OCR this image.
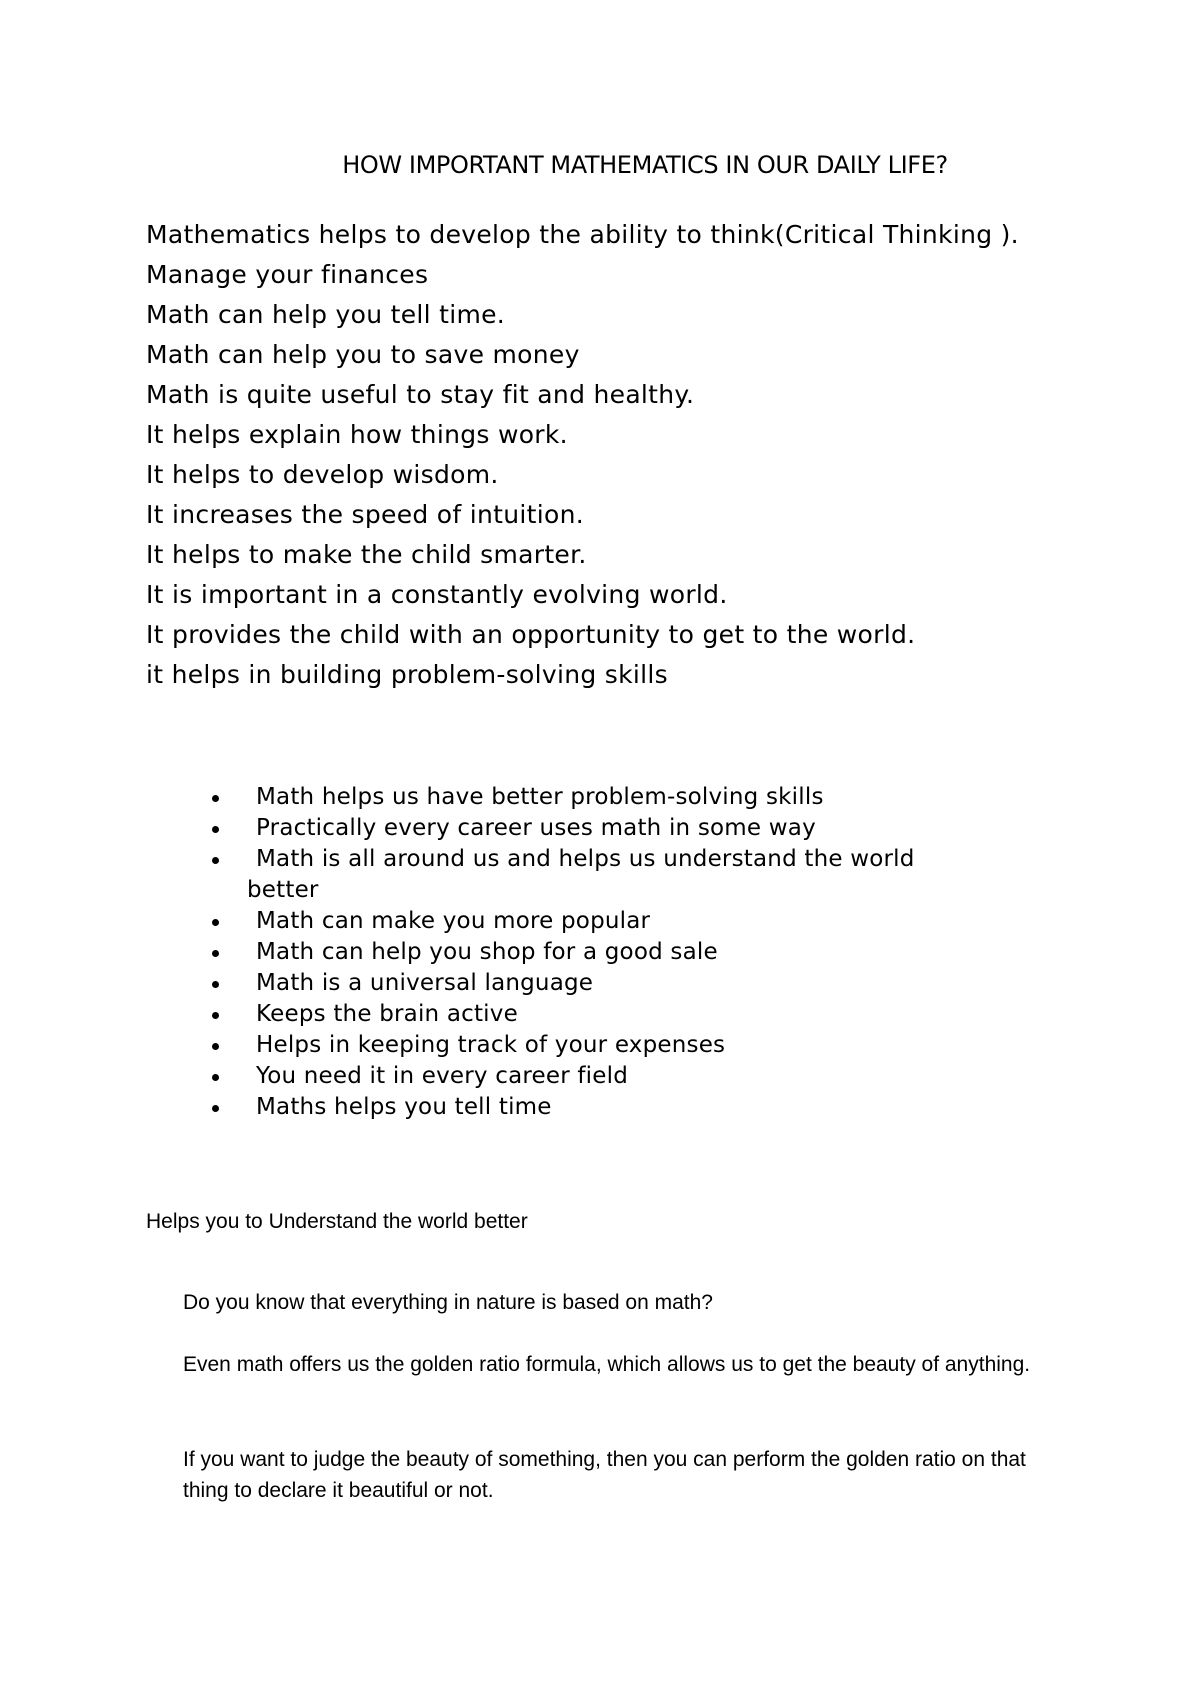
HOW IMPORTANT MATHEMATICS IN OUR DAILY LIFE?
Mathematics helps to develop the ability to think(Critical Thinking ).
Manage your finances
Math can help you tell time.
Math can help you to save money
Math is quite useful to stay fit and healthy.
It helps explain how things work.
It helps to develop wisdom.
It increases the speed of intuition.
It helps to make the child smarter.
It is important in a constantly evolving world.
It provides the child with an opportunity to get to the world.
it helps in building problem-solving skills
Math helps us have better problem-solving skills
Practically every career uses math in some way
Math is all around us and helps us understand the world
better
Math can make you more popular
Math can help you shop for a good sale
Math is a universal language
Keeps the brain active
Helps in keeping track of your expenses
You need it in every career field
Maths helps you tell time
Helps you to Understand the world better

Do you know that everything in nature is based on math?

Even math offers us the golden ratio formula, which allows us to get the beauty of anything.

If you want to judge the beauty of something, then you can perform the golden ratio on that thing to declare it beautiful or not.
